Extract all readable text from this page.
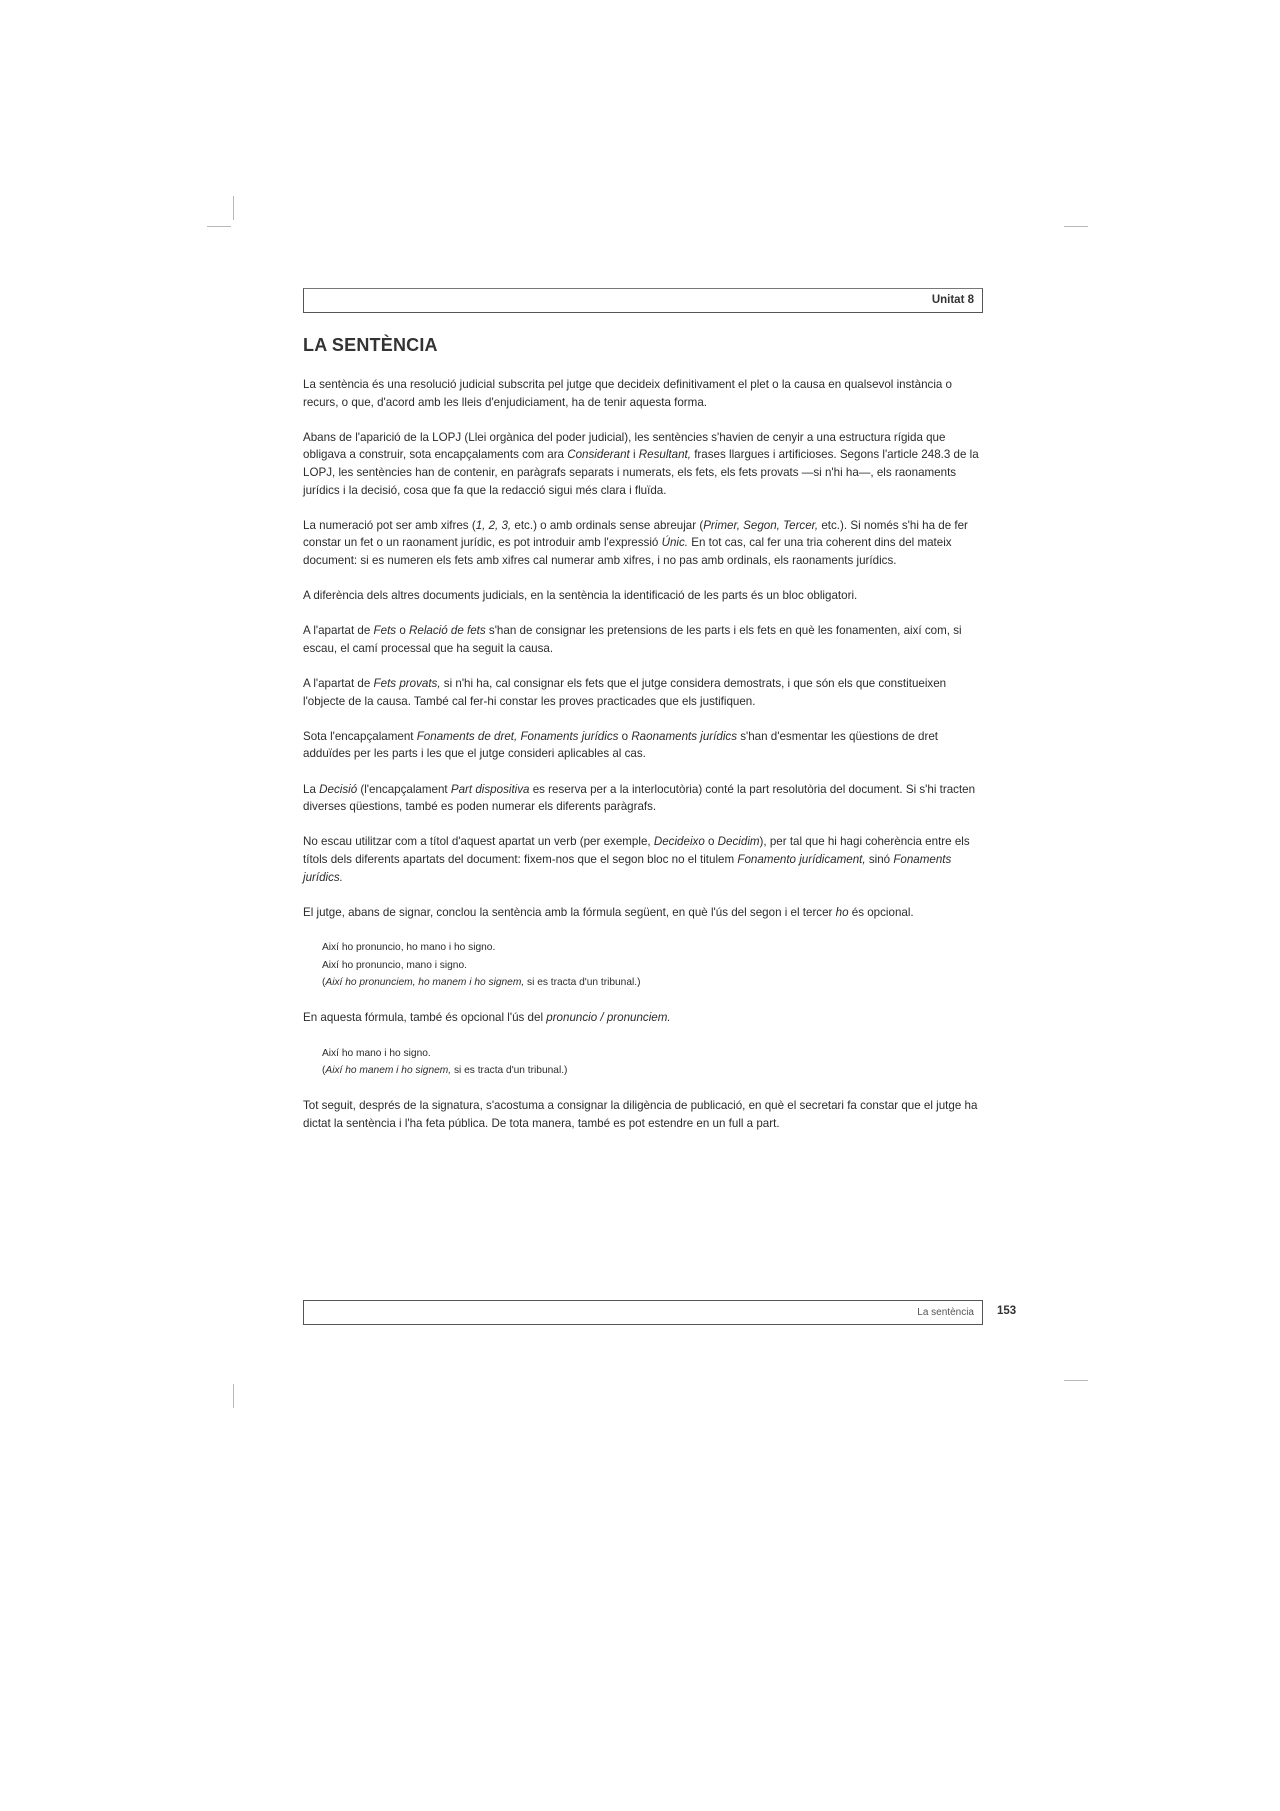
Unitat 8
LA SENTÈNCIA

La sentència és una resolució judicial subscrita pel jutge que decideix definitivament el plet o la causa en qualsevol instància o recurs, o que, d'acord amb les lleis d'enjudiciament, ha de tenir aquesta forma.

Abans de l'aparició de la LOPJ (Llei orgànica del poder judicial), les sentències s'havien de cenyir a una estructura rígida que obligava a construir, sota encapçalaments com ara Considerant i Resultant, frases llargues i artificioses. Segons l'article 248.3 de la LOPJ, les sentències han de contenir, en paràgrafs separats i numerats, els fets, els fets provats —si n'hi ha—, els raonaments jurídics i la decisió, cosa que fa que la redacció sigui més clara i fluïda.

La numeració pot ser amb xifres (1, 2, 3, etc.) o amb ordinals sense abreujar (Primer, Segon, Tercer, etc.). Si només s'hi ha de fer constar un fet o un raonament jurídic, es pot introduir amb l'expressió Únic. En tot cas, cal fer una tria coherent dins del mateix document: si es numeren els fets amb xifres cal numerar amb xifres, i no pas amb ordinals, els raonaments jurídics.

A diferència dels altres documents judicials, en la sentència la identificació de les parts és un bloc obligatori.

A l'apartat de Fets o Relació de fets s'han de consignar les pretensions de les parts i els fets en què les fonamenten, així com, si escau, el camí processal que ha seguit la causa.

A l'apartat de Fets provats, si n'hi ha, cal consignar els fets que el jutge considera demostrats, i que són els que constitueixen l'objecte de la causa. També cal fer-hi constar les proves practicades que els justifiquen.

Sota l'encapçalament Fonaments de dret, Fonaments jurídics o Raonaments jurídics s'han d'esmentar les qüestions de dret adduïdes per les parts i les que el jutge consideri aplicables al cas.

La Decisió (l'encapçalament Part dispositiva es reserva per a la interlocutòria) conté la part resolutòria del document. Si s'hi tracten diverses qüestions, també es poden numerar els diferents paràgrafs.

No escau utilitzar com a títol d'aquest apartat un verb (per exemple, Decideixo o Decidim), per tal que hi hagi coherència entre els títols dels diferents apartats del document: fixem-nos que el segon bloc no el titulem Fonamento jurídicament, sinó Fonaments jurídics.

El jutge, abans de signar, conclou la sentència amb la fórmula següent, en què l'ús del segon i el tercer ho és opcional.

Així ho pronuncio, ho mano i ho signo.
Així ho pronuncio, mano i signo.
(Així ho pronunciem, ho manem i ho signem, si es tracta d'un tribunal.)

En aquesta fórmula, també és opcional l'ús del pronuncio / pronunciem.

Així ho mano i ho signo.
(Així ho manem i ho signem, si es tracta d'un tribunal.)

Tot seguit, després de la signatura, s'acostuma a consignar la diligència de publicació, en què el secretari fa constar que el jutge ha dictat la sentència i l'ha feta pública. De tota manera, també es pot estendre en un full a part.

La sentència 153
